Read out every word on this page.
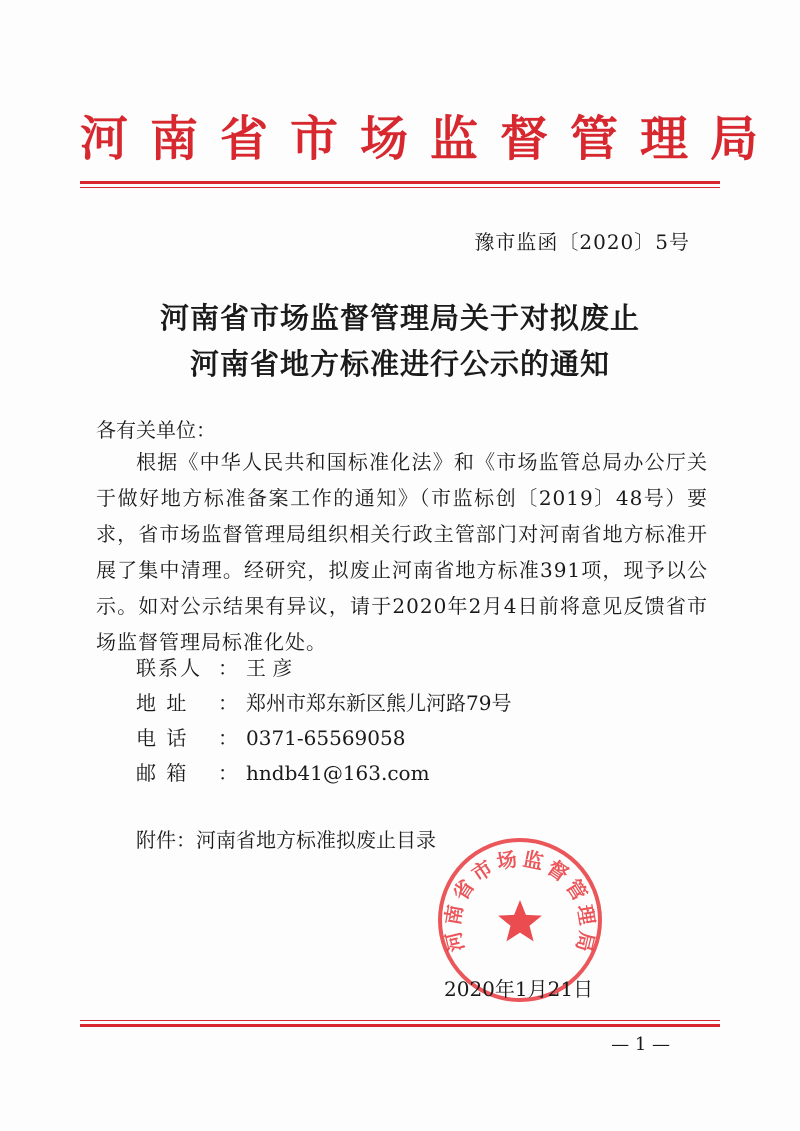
河南省市场监督管理局
豫市监函〔2020〕5号
河南省市场监督管理局关于对拟废止
河南省地方标准进行公示的通知
各有关单位：
根据《中华人民共和国标准化法》和《市场监管总局办公厅关于做好地方标准备案工作的通知》（市监标创〔2019〕48号）要求，省市场监督管理局组织相关行政主管部门对河南省地方标准开展了集中清理。经研究，拟废止河南省地方标准391项，现予以公示。如对公示结果有异议，请于2020年2月4日前将意见反馈省市场监督管理局标准化处。
联系人 ： 王 彦
地 址 ： 郑州市郑东新区熊儿河路79号
电 话 ： 0371-65569058
邮 箱 ： hndb41@163.com
附件：河南省地方标准拟废止目录
河 南 省 市 场 监 督 管 理 局
2020年1月21日
— 1 —
